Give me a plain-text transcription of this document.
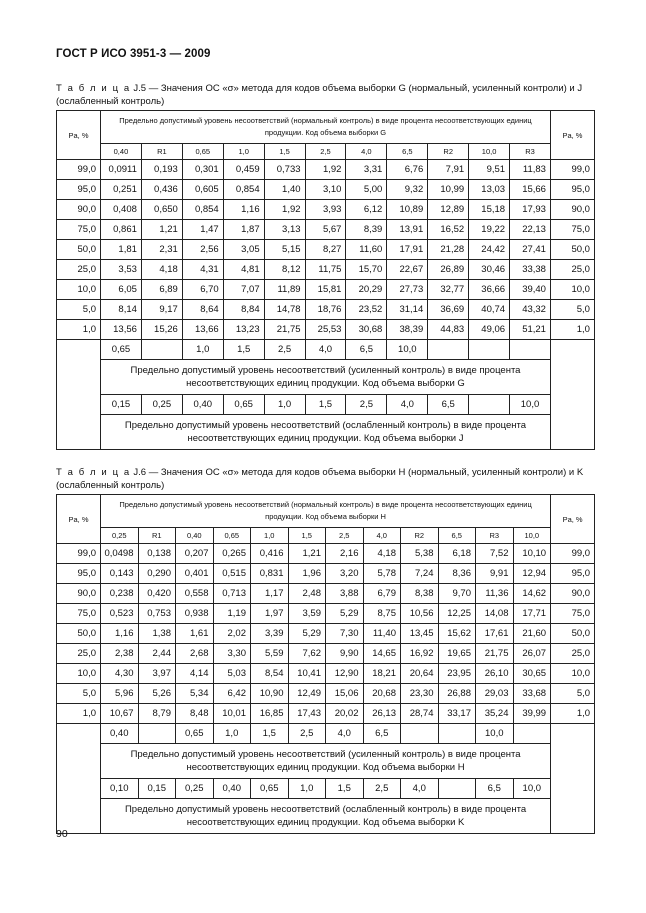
ГОСТ Р ИСО 3951-3 — 2009
Т а б л и ц а J.5 — Значения ОС «σ» метода для кодов объема выборки G (нормальный, усиленный контроли) и J (ослабленный контроль)
Pa, %	Предельно допустимый уровень несоответствий (нормальный контроль) в виде процента несоответствующих единиц продукции. Код объема выборки G											Pa, %
	0,40	R1	0,65	1,0	1,5	2,5	4,0	6,5	R2	10,0	R3	
99,0	0,0911	0,193	0,301	0,459	0,733	1,92	3,31	6,76	7,91	9,51	11,83	99,0
95,0	0,251	0,436	0,605	0,854	1,40	3,10	5,00	9,32	10,99	13,03	15,66	95,0
90,0	0,408	0,650	0,854	1,16	1,92	3,93	6,12	10,89	12,89	15,18	17,93	90,0
75,0	0,861	1,21	1,47	1,87	3,13	5,67	8,39	13,91	16,52	19,22	22,13	75,0
50,0	1,81	2,31	2,56	3,05	5,15	8,27	11,60	17,91	21,28	24,42	27,41	50,0
25,0	3,53	4,18	4,31	4,81	8,12	11,75	15,70	22,67	26,89	30,46	33,38	25,0
10,0	6,05	6,89	6,70	7,07	11,89	15,81	20,29	27,73	32,77	36,66	39,40	10,0
5,0	8,14	9,17	8,64	8,84	14,78	18,76	23,52	31,14	36,69	40,74	43,32	5,0
1,0	13,56	15,26	13,66	13,23	21,75	25,53	30,68	38,39	44,83	49,06	51,21	1,0
	0,65		1,0	1,5	2,5	4,0	6,5	10,0				
	Предельно допустимый уровень несоответствий (усиленный контроль) в виде процента несоответствующих единиц продукции. Код объема выборки G											
	0,15	0,25	0,40	0,65	1,0	1,5	2,5	4,0	6,5		10,0	
	Предельно допустимый уровень несоответствий (ослабленный контроль) в виде процента несоответствующих единиц продукции. Код объема выборки J											
Т а б л и ц а J.6 — Значения ОС «σ» метода для кодов объема выборки H (нормальный, усиленный контроли) и K (ослабленный контроль)
Pa, %	Предельно допустимый уровень несоответствий (нормальный контроль) в виде процента несоответствующих единиц продукции. Код объема выборки H												Pa, %
	0,25	R1	0,40	0,65	1,0	1,5	2,5	4,0	R2	6,5	R3	10,0	
99,0	0,0498	0,138	0,207	0,265	0,416	1,21	2,16	4,18	5,38	6,18	7,52	10,10	99,0
95,0	0,143	0,290	0,401	0,515	0,831	1,96	3,20	5,78	7,24	8,36	9,91	12,94	95,0
90,0	0,238	0,420	0,558	0,713	1,17	2,48	3,88	6,79	8,38	9,70	11,36	14,62	90,0
75,0	0,523	0,753	0,938	1,19	1,97	3,59	5,29	8,75	10,56	12,25	14,08	17,71	75,0
50,0	1,16	1,38	1,61	2,02	3,39	5,29	7,30	11,40	13,45	15,62	17,61	21,60	50,0
25,0	2,38	2,44	2,68	3,30	5,59	7,62	9,90	14,65	16,92	19,65	21,75	26,07	25,0
10,0	4,30	3,97	4,14	5,03	8,54	10,41	12,90	18,21	20,64	23,95	26,10	30,65	10,0
5,0	5,96	5,26	5,34	6,42	10,90	12,49	15,06	20,68	23,30	26,88	29,03	33,68	5,0
1,0	10,67	8,79	8,48	10,01	16,85	17,43	20,02	26,13	28,74	33,17	35,24	39,99	1,0
	0,40		0,65	1,0	1,5	2,5	4,0	6,5			10,0		
	Предельно допустимый уровень несоответствий (усиленный контроль) в виде процента несоответствующих единиц продукции. Код объема выборки H												
	0,10	0,15	0,25	0,40	0,65	1,0	1,5	2,5	4,0		6,5	10,0	
	Предельно допустимый уровень несоответствий (ослабленный контроль) в виде процента несоответствующих единиц продукции. Код объема выборки K												
90
